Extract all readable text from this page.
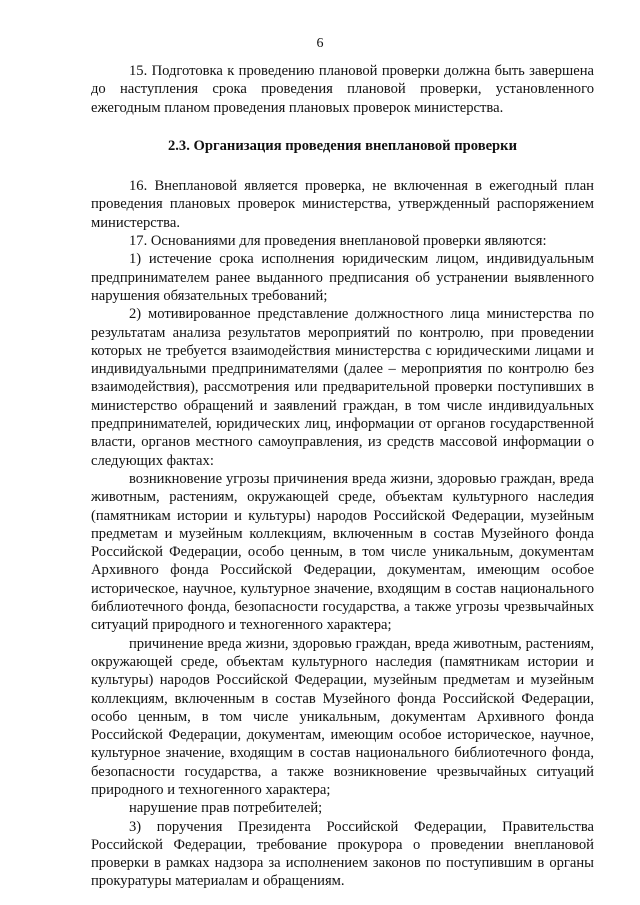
6

15. Подготовка к проведению плановой проверки должна быть завершена до наступления срока проведения плановой проверки, установленного ежегодным планом проведения плановых проверок министерства.

2.3. Организация проведения внеплановой проверки

16. Внеплановой является проверка, не включенная в ежегодный план проведения плановых проверок министерства, утвержденный распоряжением министерства.

17. Основаниями для проведения внеплановой проверки являются:

1) истечение срока исполнения юридическим лицом, индивидуальным предпринимателем ранее выданного предписания об устранении выявленного нарушения обязательных требований;

2) мотивированное представление должностного лица министерства по результатам анализа результатов мероприятий по контролю, при проведении которых не требуется взаимодействия министерства с юридическими лицами и индивидуальными предпринимателями (далее – мероприятия по контролю без взаимодействия), рассмотрения или предварительной проверки поступивших в министерство обращений и заявлений граждан, в том числе индивидуальных предпринимателей, юридических лиц, информации от органов государственной власти, органов местного самоуправления, из средств массовой информации о следующих фактах:

возникновение угрозы причинения вреда жизни, здоровью граждан, вреда животным, растениям, окружающей среде, объектам культурного наследия (памятникам истории и культуры) народов Российской Федерации, музейным предметам и музейным коллекциям, включенным в состав Музейного фонда Российской Федерации, особо ценным, в том числе уникальным, документам Архивного фонда Российской Федерации, документам, имеющим особое историческое, научное, культурное значение, входящим в состав национального библиотечного фонда, безопасности государства, а также угрозы чрезвычайных ситуаций природного и техногенного характера;

причинение вреда жизни, здоровью граждан, вреда животным, растениям, окружающей среде, объектам культурного наследия (памятникам истории и культуры) народов Российской Федерации, музейным предметам и музейным коллекциям, включенным в состав Музейного фонда Российской Федерации, особо ценным, в том числе уникальным, документам Архивного фонда Российской Федерации, документам, имеющим особое историческое, научное, культурное значение, входящим в состав национального библиотечного фонда, безопасности государства, а также возникновение чрезвычайных ситуаций природного и техногенного характера;

нарушение прав потребителей;

3) поручения Президента Российской Федерации, Правительства Российской Федерации, требование прокурора о проведении внеплановой проверки в рамках надзора за исполнением законов по поступившим в органы прокуратуры материалам и обращениям.
